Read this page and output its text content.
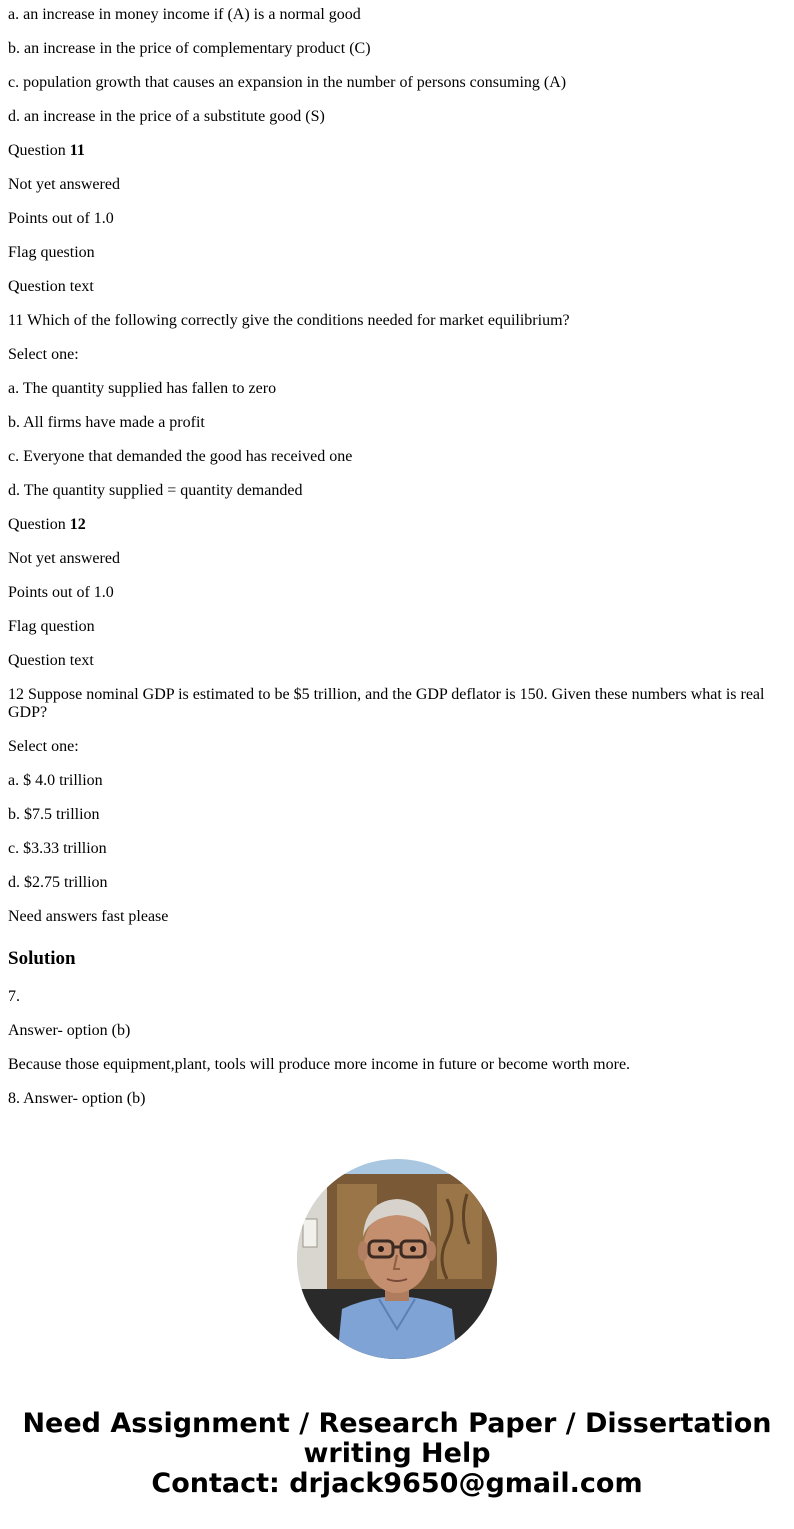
a. an increase in money income if (A) is a normal good

b. an increase in the price of complementary product (C)

c. population growth that causes an expansion in the number of persons consuming (A)

d. an increase in the price of a substitute good (S)

Question 11

Not yet answered

Points out of 1.0

Flag question

Question text

11 Which of the following correctly give the conditions needed for market equilibrium?

Select one:

a. The quantity supplied has fallen to zero

b. All firms have made a profit

c. Everyone that demanded the good has received one

d. The quantity supplied = quantity demanded

Question 12

Not yet answered

Points out of 1.0

Flag question

Question text

12 Suppose nominal GDP is estimated to be $5 trillion, and the GDP deflator is 150. Given these numbers what is real GDP?

Select one:

a. $ 4.0 trillion

b. $7.5 trillion

c. $3.33 trillion

d. $2.75 trillion

Need answers fast please

Solution

7.

Answer- option (b)

Because those equipment,plant, tools will produce more income in future or become worth more.

8. Answer- option (b)

Need Assignment / Research Paper / Dissertation
writing Help
Contact: drjack9650@gmail.com
